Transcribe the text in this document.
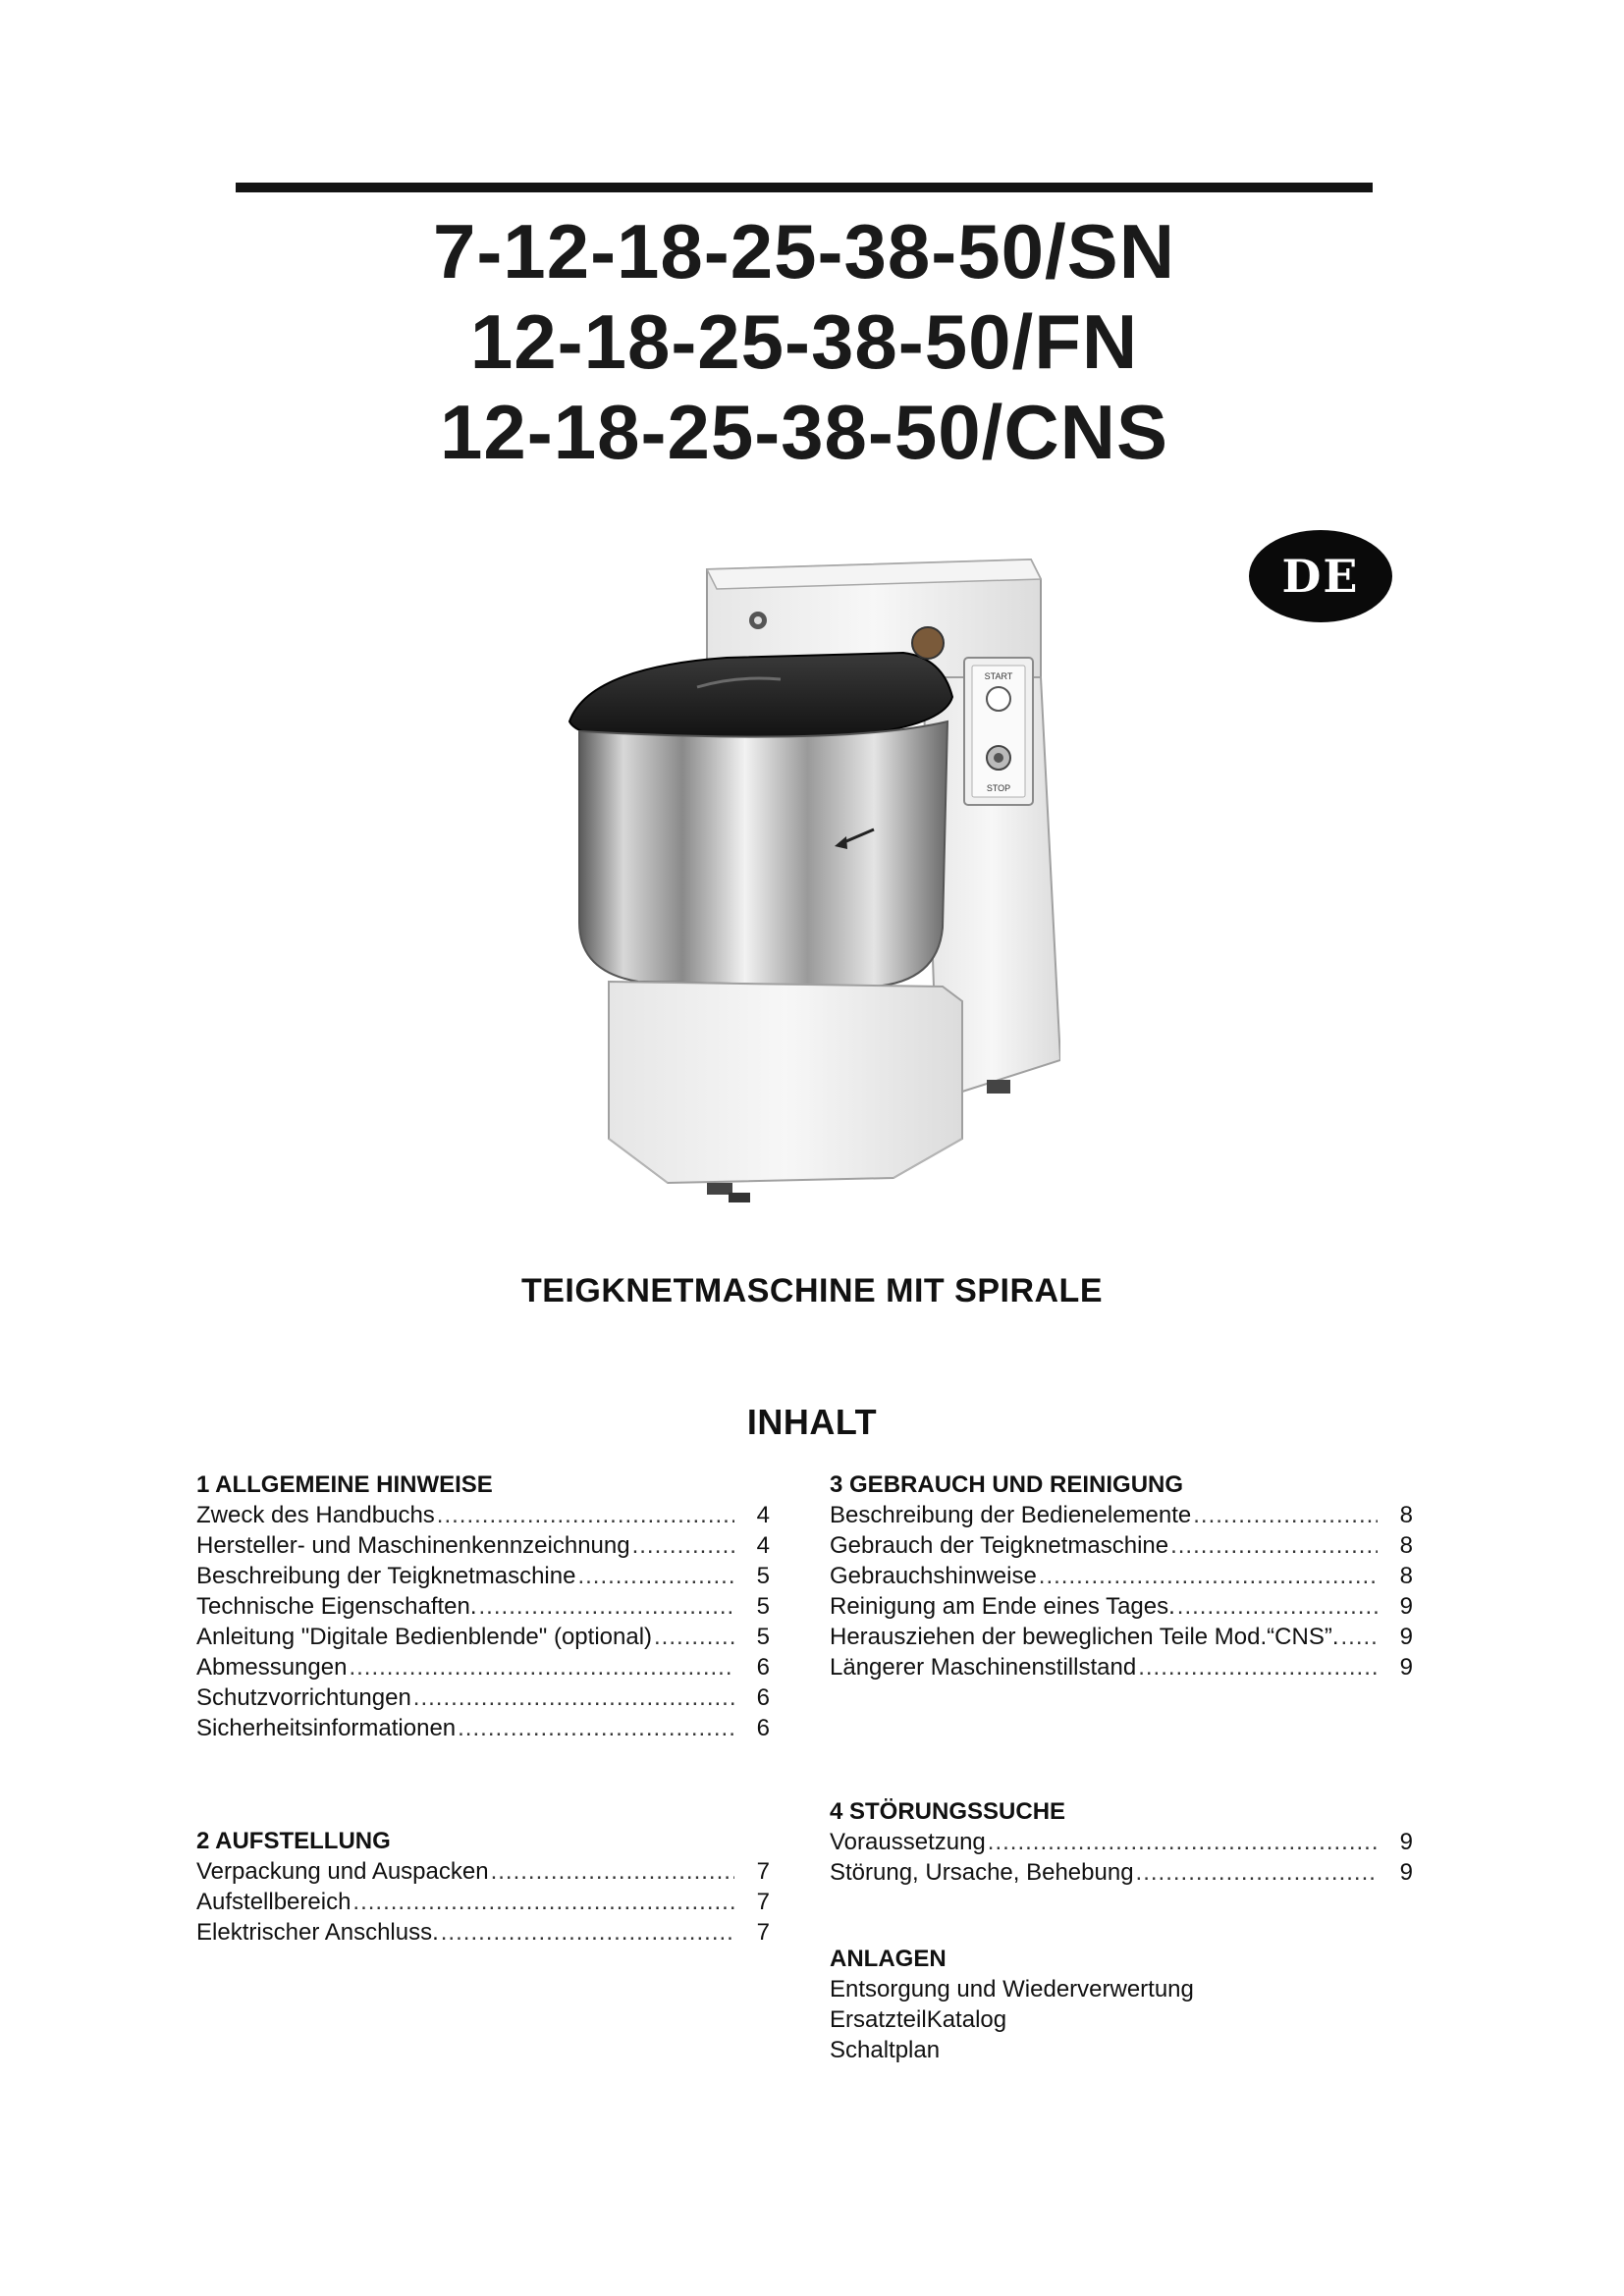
7-12-18-25-38-50/SN
12-18-25-38-50/FN
12-18-25-38-50/CNS
DE
START
STOP
TEIGKNETMASCHINE MIT SPIRALE
INHALT
1 ALLGEMEINE HINWEISE
Zweck des Handbuchs .....	4
Hersteller- und Maschinenkennzeichnung .....	4
Beschreibung der Teigknetmaschine .....	5
Technische Eigenschaften. .....	5
Anleitung "Digitale Bedienblende" (optional) .....	5
Abmessungen .....	6
Schutzvorrichtungen .....	6
Sicherheitsinformationen .....	6
2 AUFSTELLUNG
Verpackung und Auspacken .....	7
Aufstellbereich .....	7
Elektrischer Anschluss. .....	7
3 GEBRAUCH UND REINIGUNG
Beschreibung der Bedienelemente .....	8
Gebrauch der Teigknetmaschine .....	8
Gebrauchshinweise .....	8
Reinigung am Ende eines Tages. .....	9
Herausziehen der beweglichen Teile Mod.“CNS”. .....	9
Längerer Maschinenstillstand .....	9
4 STÖRUNGSSUCHE
Voraussetzung .....	9
Störung, Ursache, Behebung .....	9
ANLAGEN
Entsorgung und Wiederverwertung
ErsatzteilKatalog
Schaltplan
